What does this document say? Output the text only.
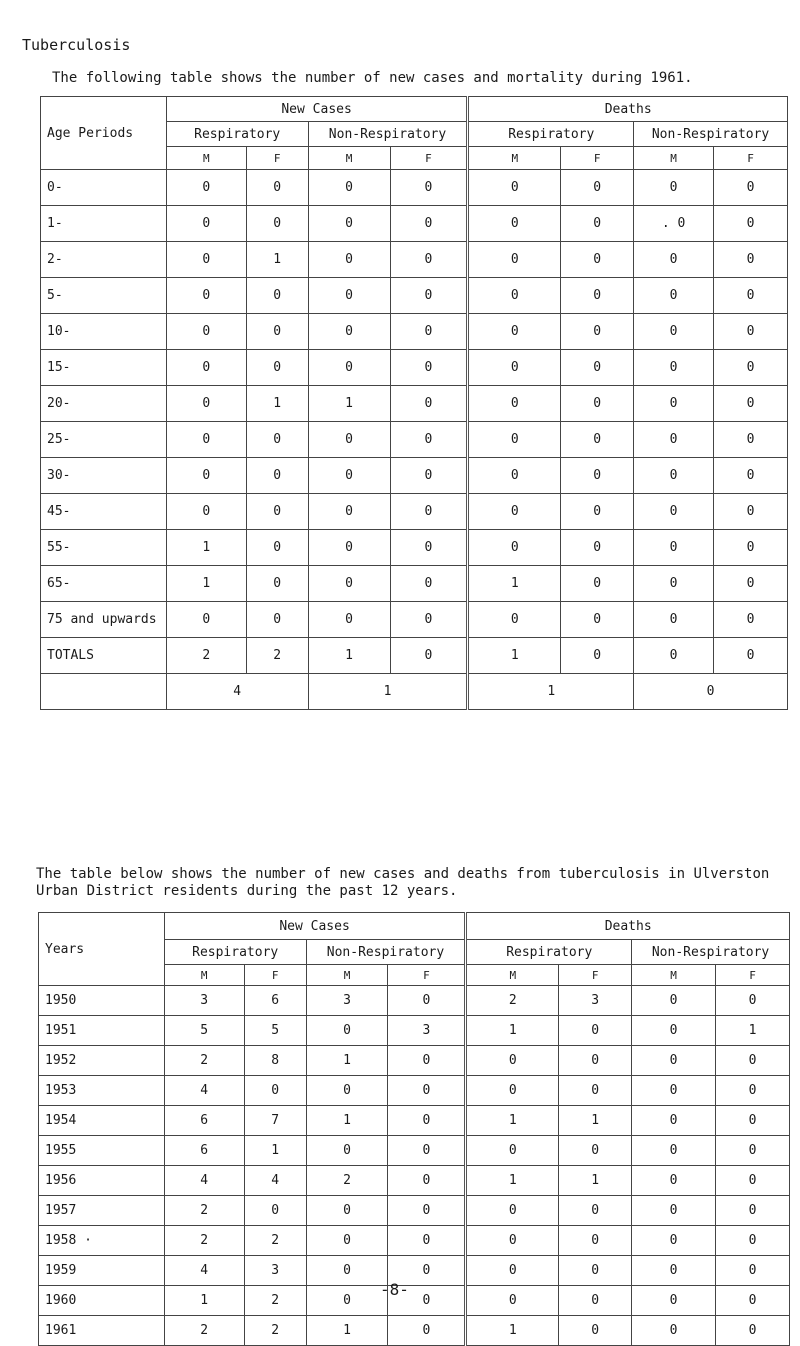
Tuberculosis
The following table shows the number of new cases and mortality during 1961.
Age Periods	New Cases				Deaths			
	Respiratory		Non-Respiratory		Respiratory		Non-Respiratory	
	M	F	M	F	M	F	M	F
0-	0	0	0	0	0	0	0	0
1-	0	0	0	0	0	0	. 0	0
2-	0	1	0	0	0	0	0	0
5-	0	0	0	0	0	0	0	0
10-	0	0	0	0	0	0	0	0
15-	0	0	0	0	0	0	0	0
20-	0	1	1	0	0	0	0	0
25-	0	0	0	0	0	0	0	0
30-	0	0	0	0	0	0	0	0
45-	0	0	0	0	0	0	0	0
55-	1	0	0	0	0	0	0	0
65-	1	0	0	0	1	0	0	0
75 and upwards	0	0	0	0	0	0	0	0
TOTALS	2	2	1	0	1	0	0	0
	4		1		1		0	
The table below shows the number of new cases and deaths from tuberculosis in Ulverston Urban District residents during the past 12 years.
Years	New Cases				Deaths			
	Respiratory		Non-Respiratory		Respiratory		Non-Respiratory	
	M	F	M	F	M	F	M	F
1950	3	6	3	0	2	3	0	0
1951	5	5	0	3	1	0	0	1
1952	2	8	1	0	0	0	0	0
1953	4	0	0	0	0	0	0	0
1954	6	7	1	0	1	1	0	0
1955	6	1	0	0	0	0	0	0
1956	4	4	2	0	1	1	0	0
1957	2	0	0	0	0	0	0	0
1958 ·	2	2	0	0	0	0	0	0
1959	4	3	0	0	0	0	0	0
1960	1	2	0	0	0	0	0	0
1961	2	2	1	0	1	0	0	0
-8-
